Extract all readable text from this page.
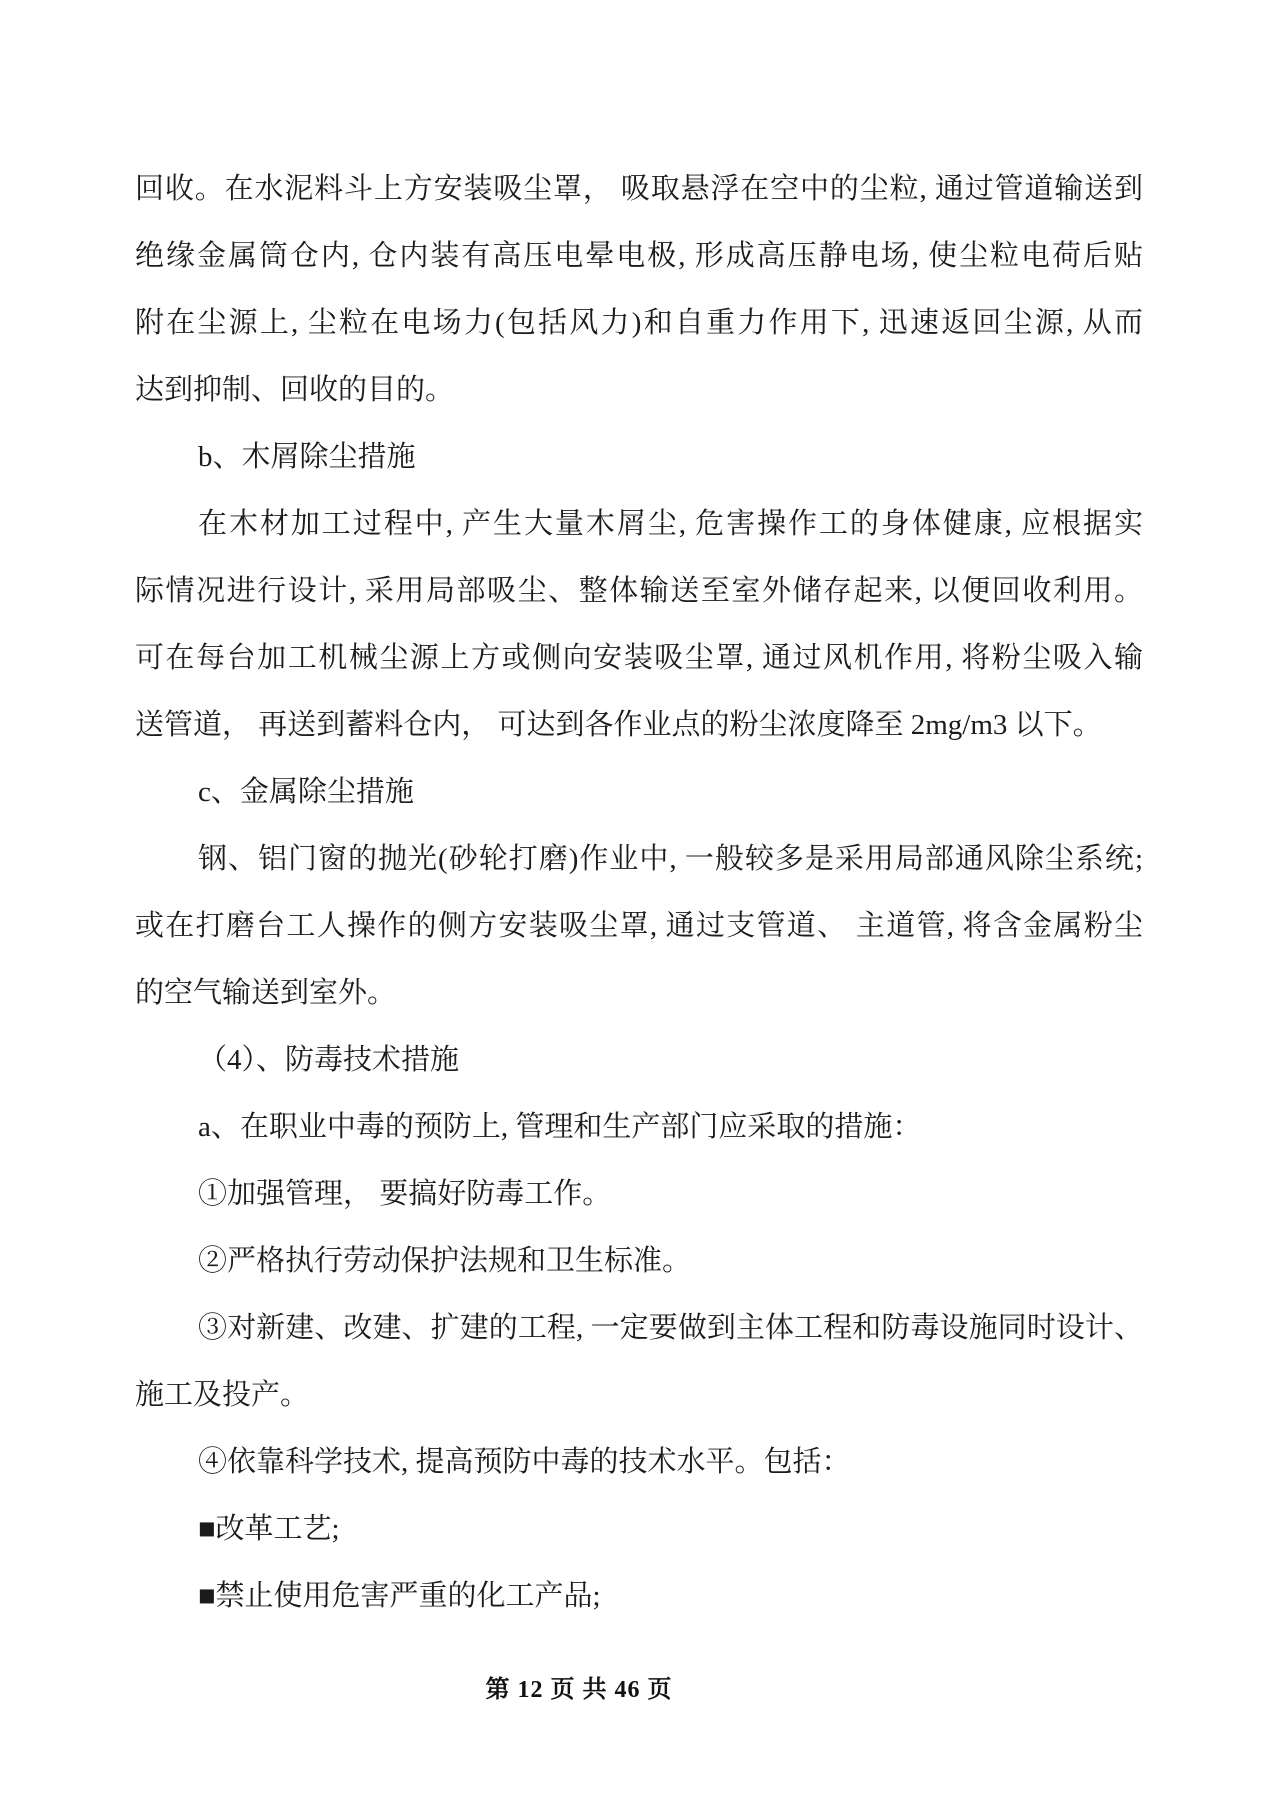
回收。在水泥料斗上方安装吸尘罩， 吸取悬浮在空中的尘粒, 通过管道输送到
绝缘金属筒仓内, 仓内装有高压电晕电极, 形成高压静电场, 使尘粒电荷后贴
附在尘源上, 尘粒在电场力(包括风力)和自重力作用下, 迅速返回尘源, 从而
达到抑制、回收的目的。
b、木屑除尘措施
在木材加工过程中, 产生大量木屑尘, 危害操作工的身体健康, 应根据实
际情况进行设计, 采用局部吸尘、整体输送至室外储存起来, 以便回收利用。
可在每台加工机械尘源上方或侧向安装吸尘罩, 通过风机作用, 将粉尘吸入输
送管道， 再送到蓄料仓内， 可达到各作业点的粉尘浓度降至 2mg/m3 以下。
c、金属除尘措施
钢、铝门窗的抛光(砂轮打磨)作业中, 一般较多是采用局部通风除尘系统;
或在打磨台工人操作的侧方安装吸尘罩, 通过支管道、 主道管, 将含金属粉尘
的空气输送到室外。
（4）、防毒技术措施
a、在职业中毒的预防上, 管理和生产部门应采取的措施：
①加强管理， 要搞好防毒工作。
②严格执行劳动保护法规和卫生标准。
③对新建、改建、扩建的工程, 一定要做到主体工程和防毒设施同时设计、
施工及投产。
④依靠科学技术, 提高预防中毒的技术水平。包括：
■改革工艺;
■禁止使用危害严重的化工产品;
第 12 页 共 46 页
